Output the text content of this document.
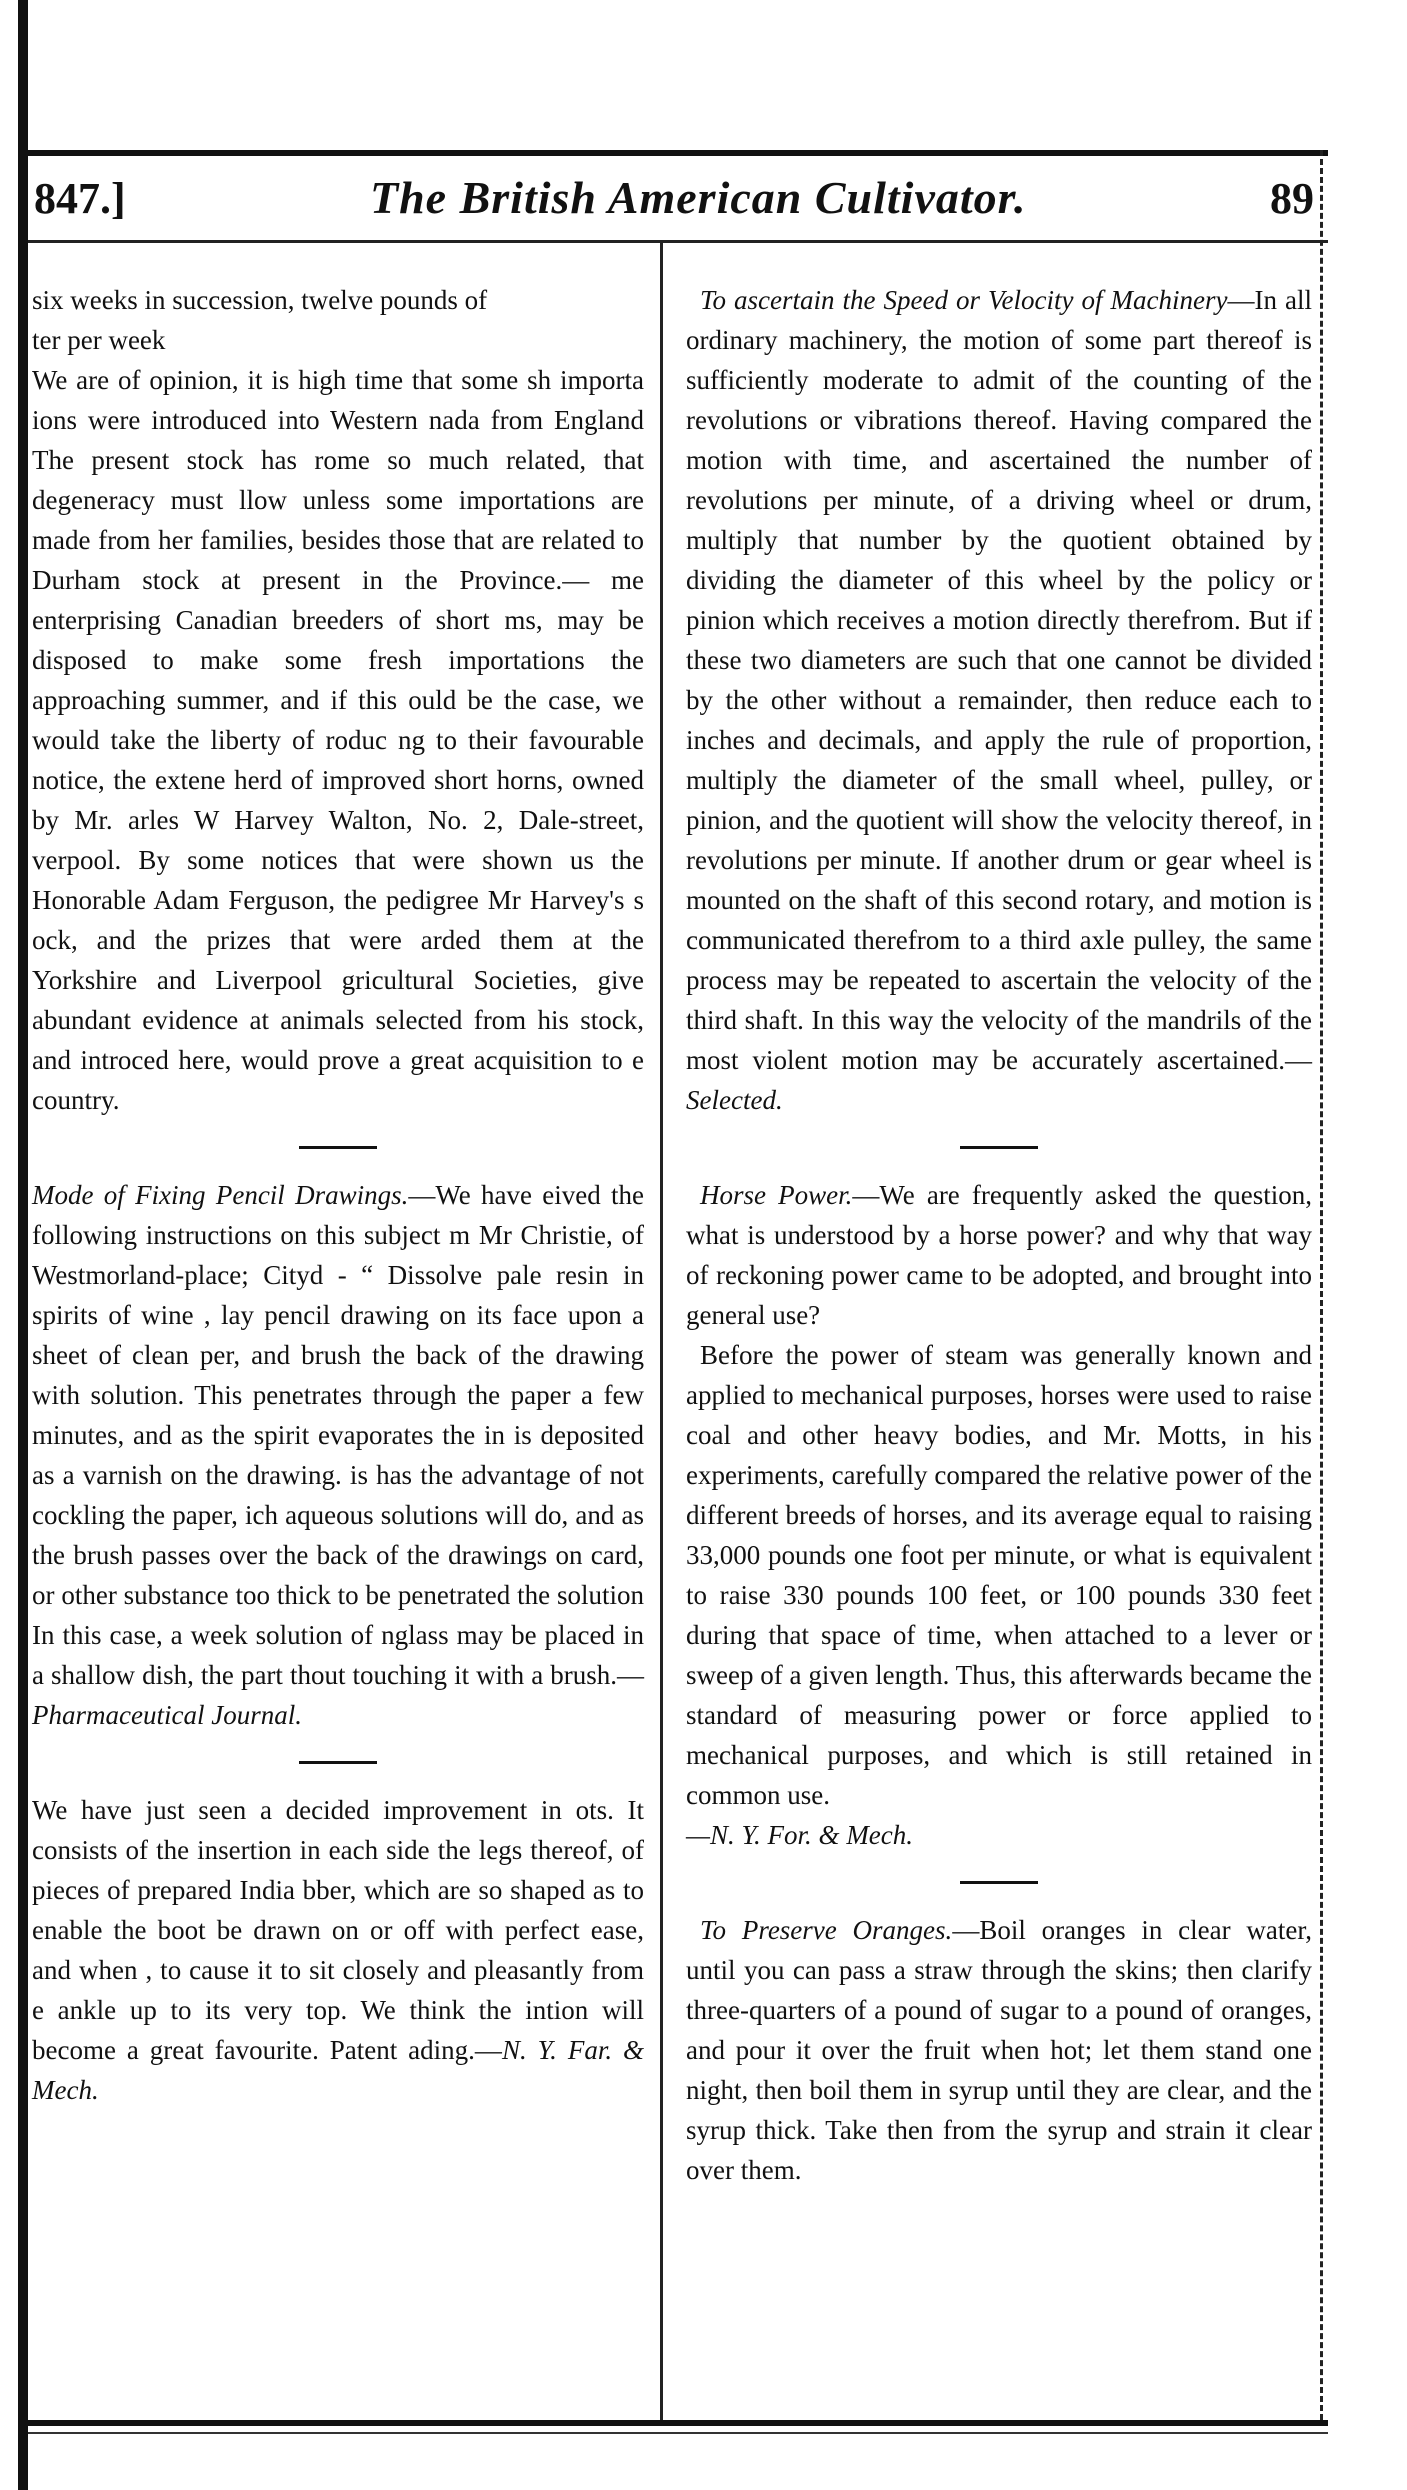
847.]	The British American Cultivator.	89

six weeks in succession, twelve pounds of

ter per week

We are of opinion, it is high time that some sh importa ions were introduced into Western nada from England The present stock has rome so much related, that degeneracy must llow unless some importations are made from her families, besides those that are related to Durham stock at present in the Province.— me enterprising Canadian breeders of short ms, may be disposed to make some fresh importations the approaching summer, and if this ould be the case, we would take the liberty of roduc ng to their favourable notice, the extene herd of improved short horns, owned by Mr. arles W Harvey Walton, No. 2, Dale-street, verpool. By some notices that were shown us the Honorable Adam Ferguson, the pedigree Mr Harvey's s ock, and the prizes that were arded them at the Yorkshire and Liverpool gricultural Societies, give abundant evidence at animals selected from his stock, and introced here, would prove a great acquisition to e country.

Mode of Fixing Pencil Drawings.—We have eived the following instructions on this subject m Mr Christie, of Westmorland-place; Cityd - “ Dissolve pale resin in spirits of wine , lay pencil drawing on its face upon a sheet of clean per, and brush the back of the drawing with solution. This penetrates through the paper a few minutes, and as the spirit evaporates the in is deposited as a varnish on the drawing. is has the advantage of not cockling the paper, ich aqueous solutions will do, and as the brush passes over the back of the drawings on card, or other substance too thick to be penetrated the solution In this case, a week solution of nglass may be placed in a shallow dish, the part thout touching it with a brush.—Pharmaceutical Journal.

We have just seen a decided improvement in ots. It consists of the insertion in each side the legs thereof, of pieces of prepared India bber, which are so shaped as to enable the boot be drawn on or off with perfect ease, and when , to cause it to sit closely and pleasantly from e ankle up to its very top. We think the intion will become a great favourite. Patent ading.—N. Y. Far. & Mech.

To ascertain the Speed or Velocity of Machinery—In all ordinary machinery, the motion of some part thereof is sufficiently moderate to admit of the counting of the revolutions or vibrations thereof. Having compared the motion with time, and ascertained the number of revolutions per minute, of a driving wheel or drum, multiply that number by the quotient obtained by dividing the diameter of this wheel by the policy or pinion which receives a motion directly therefrom. But if these two diameters are such that one cannot be divided by the other without a remainder, then reduce each to inches and decimals, and apply the rule of proportion, multiply the diameter of the small wheel, pulley, or pinion, and the quotient will show the velocity thereof, in revolutions per minute. If another drum or gear wheel is mounted on the shaft of this second rotary, and motion is communicated therefrom to a third axle pulley, the same process may be repeated to ascertain the velocity of the third shaft. In this way the velocity of the mandrils of the most violent motion may be accurately ascertained.—Selected.

Horse Power.—We are frequently asked the question, what is understood by a horse power? and why that way of reckoning power came to be adopted, and brought into general use?

Before the power of steam was generally known and applied to mechanical purposes, horses were used to raise coal and other heavy bodies, and Mr. Motts, in his experiments, carefully compared the relative power of the different breeds of horses, and its average equal to raising 33,000 pounds one foot per minute, or what is equivalent to raise 330 pounds 100 feet, or 100 pounds 330 feet during that space of time, when attached to a lever or sweep of a given length. Thus, this afterwards became the standard of measuring power or force applied to mechanical purposes, and which is still retained in common use.

—N. Y. For. & Mech.

To Preserve Oranges.—Boil oranges in clear water, until you can pass a straw through the skins; then clarify three-quarters of a pound of sugar to a pound of oranges, and pour it over the fruit when hot; let them stand one night, then boil them in syrup until they are clear, and the syrup thick. Take then from the syrup and strain it clear over them.
